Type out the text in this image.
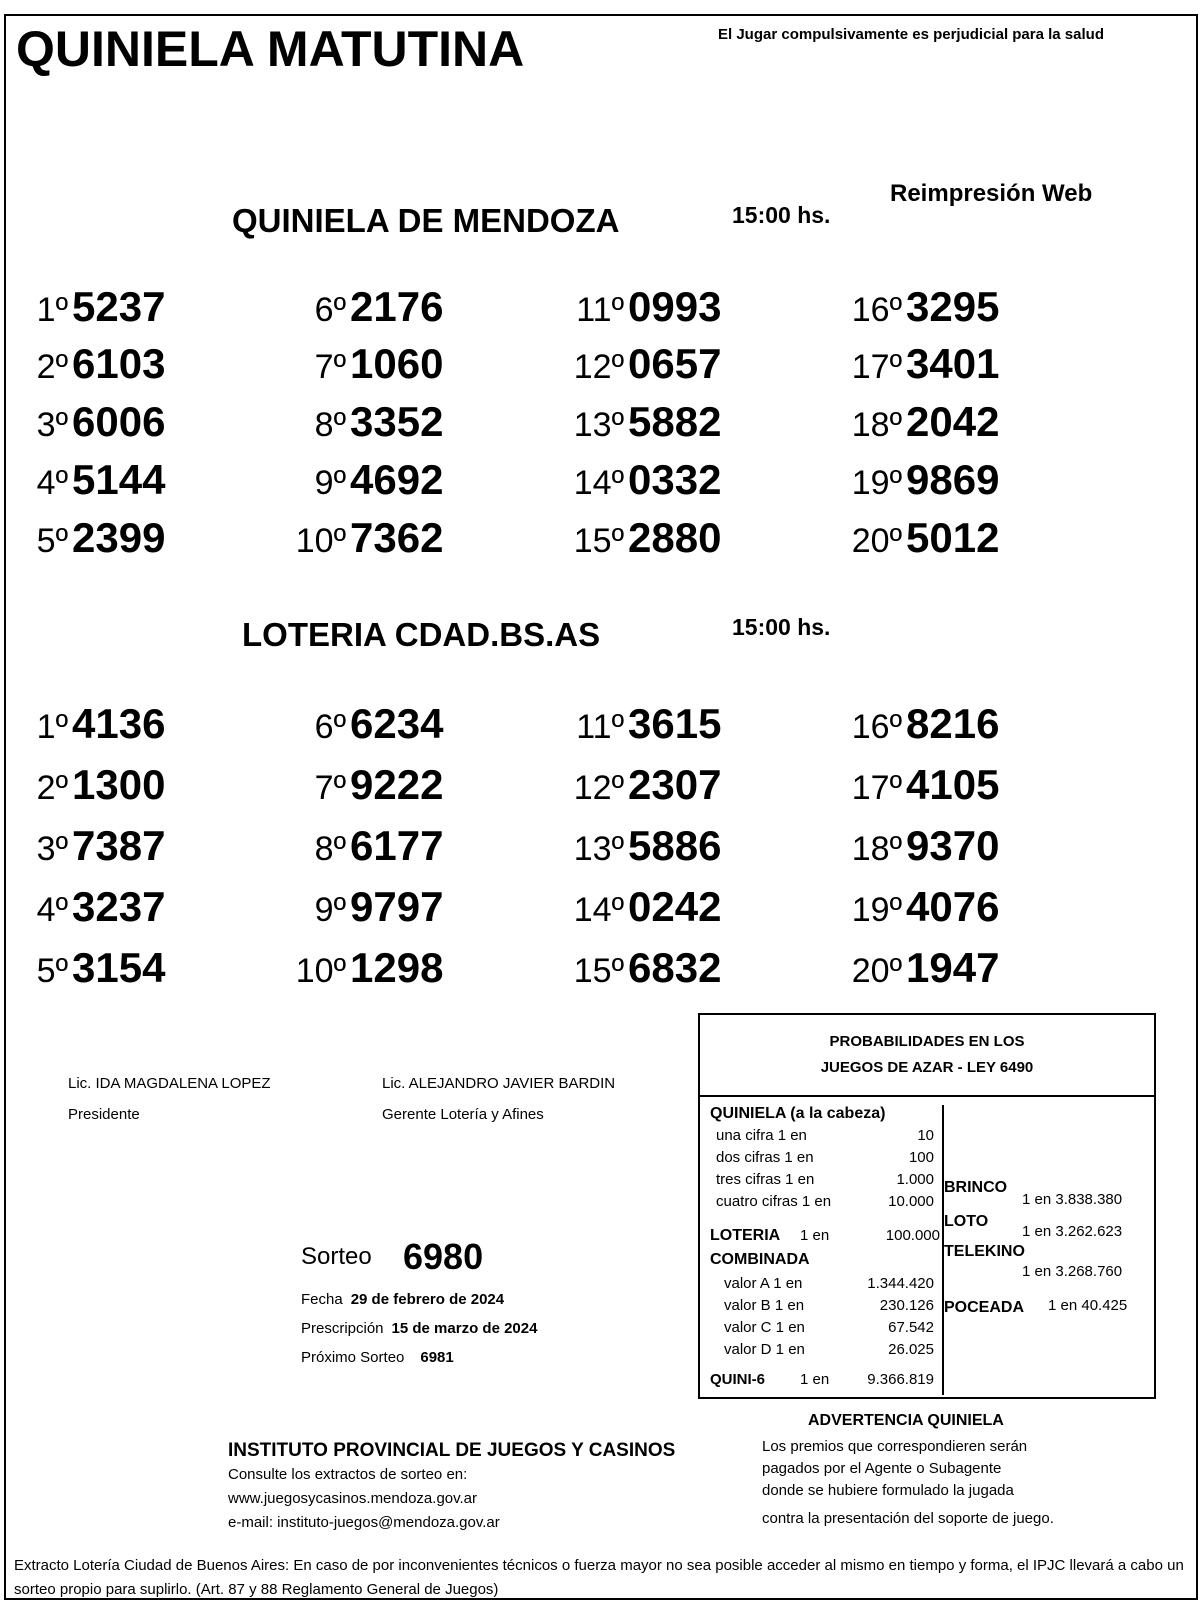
QUINIELA MATUTINA	El Jugar compulsivamente es perjudicial para la salud
Reimpresión Web
QUINIELA DE MENDOZA	15:00 hs.
1º5237
2º6103
3º6006
4º5144
5º2399
6º2176
7º1060
8º3352
9º4692
10º7362
11º0993
12º0657
13º5882
14º0332
15º2880
16º3295
17º3401
18º2042
19º9869
20º5012
LOTERIA CDAD.BS.AS	15:00 hs.
1º4136
2º1300
3º7387
4º3237
5º3154
6º6234
7º9222
8º6177
9º9797
10º1298
11º3615
12º2307
13º5886
14º0242
15º6832
16º8216
17º4105
18º9370
19º4076
20º1947
Lic. IDA MAGDALENA LOPEZ
Presidente
Lic. ALEJANDRO JAVIER BARDIN
Gerente Lotería y Afines
Sorteo 6980
Fecha 29 de febrero de 2024
Prescripción 15 de marzo de 2024
Próximo Sorteo 6981
PROBABILIDADES EN LOS
JUEGOS DE AZAR - LEY 6490
QUINIELA (a la cabeza)
una cifra 1 en	10
dos cifras 1 en	100
tres cifras 1 en	1.000
cuatro cifras 1 en	10.000
LOTERIA 1 en	100.000
COMBINADA
valor A 1 en	1.344.420
valor B 1 en	230.126
valor C 1 en	67.542
valor D 1 en	26.025
QUINI-6 1 en	9.366.819
BRINCO
1 en 3.838.380
LOTO
1 en 3.262.623
TELEKINO
1 en 3.268.760
POCEADA 1 en 40.425
ADVERTENCIA QUINIELA
Los premios que correspondieren serán
pagados por el Agente o Subagente
donde se hubiere formulado la jugada
contra la presentación del soporte de juego.
INSTITUTO PROVINCIAL DE JUEGOS Y CASINOS
Consulte los extractos de sorteo en:
www.juegosycasinos.mendoza.gov.ar
e-mail: instituto-juegos@mendoza.gov.ar
Extracto Lotería Ciudad de Buenos Aires: En caso de por inconvenientes técnicos o fuerza mayor no sea posible acceder al mismo en tiempo y forma, el IPJC llevará a cabo un sorteo propio para suplirlo. (Art. 87 y 88 Reglamento General de Juegos)
